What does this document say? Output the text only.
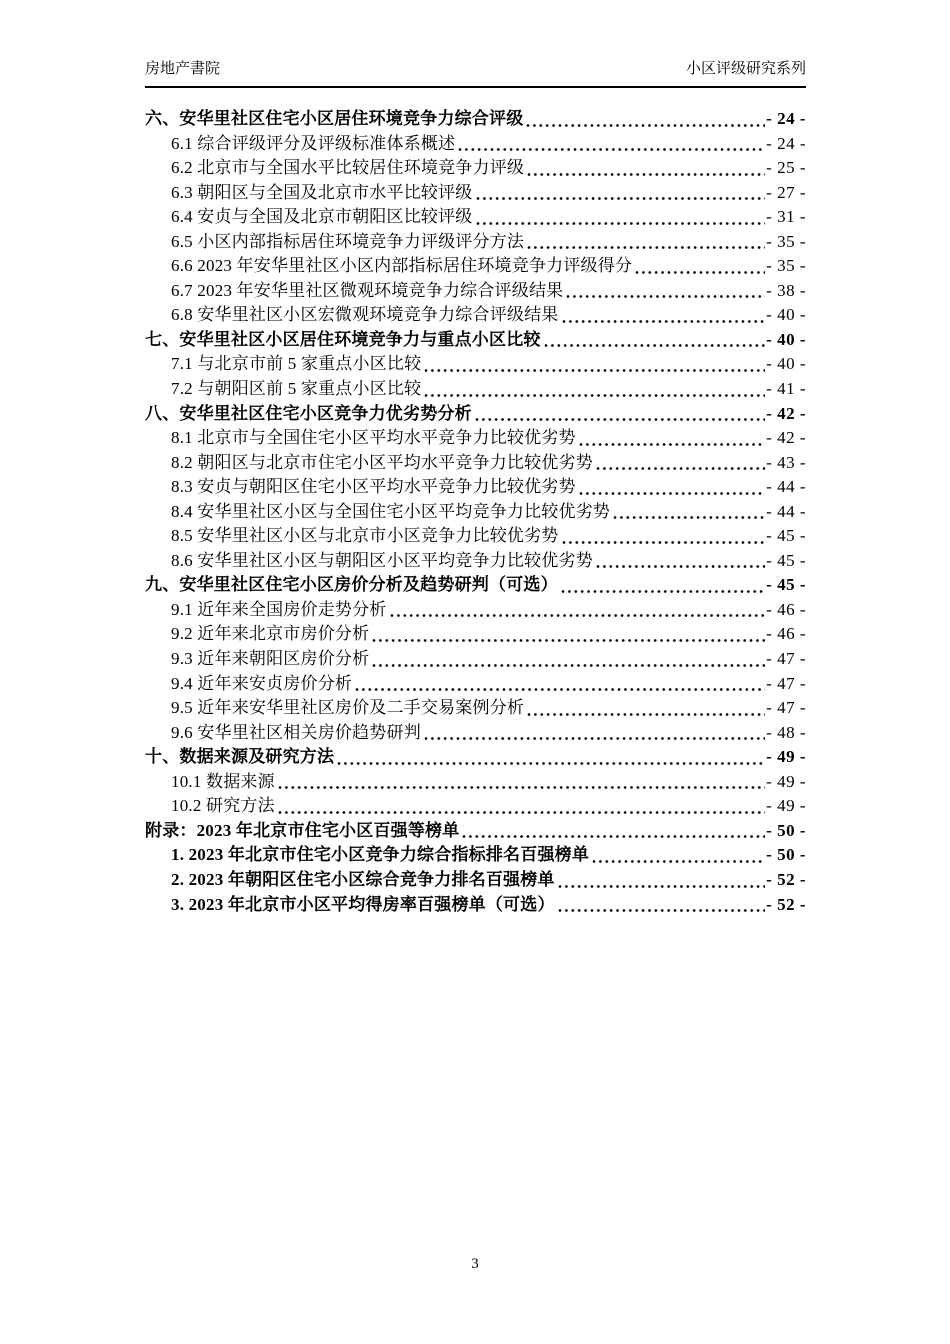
房地产書院	小区评级研究系列
六、安华里社区住宅小区居住环境竞争力综合评级	- 24 -
6.1 综合评级评分及评级标准体系概述	- 24 -
6.2 北京市与全国水平比较居住环境竞争力评级	- 25 -
6.3 朝阳区与全国及北京市水平比较评级	- 27 -
6.4 安贞与全国及北京市朝阳区比较评级	- 31 -
6.5 小区内部指标居住环境竞争力评级评分方法	- 35 -
6.6 2023 年安华里社区小区内部指标居住环境竞争力评级得分	- 35 -
6.7 2023 年安华里社区微观环境竞争力综合评级结果	- 38 -
6.8 安华里社区小区宏微观环境竞争力综合评级结果	- 40 -
七、安华里社区小区居住环境竞争力与重点小区比较	- 40 -
7.1 与北京市前 5 家重点小区比较	- 40 -
7.2 与朝阳区前 5 家重点小区比较	- 41 -
八、安华里社区住宅小区竞争力优劣势分析	- 42 -
8.1 北京市与全国住宅小区平均水平竞争力比较优劣势	- 42 -
8.2 朝阳区与北京市住宅小区平均水平竞争力比较优劣势	- 43 -
8.3 安贞与朝阳区住宅小区平均水平竞争力比较优劣势	- 44 -
8.4 安华里社区小区与全国住宅小区平均竞争力比较优劣势	- 44 -
8.5 安华里社区小区与北京市小区竞争力比较优劣势	- 45 -
8.6 安华里社区小区与朝阳区小区平均竞争力比较优劣势	- 45 -
九、安华里社区住宅小区房价分析及趋势研判（可选）	- 45 -
9.1 近年来全国房价走势分析	- 46 -
9.2 近年来北京市房价分析	- 46 -
9.3 近年来朝阳区房价分析	- 47 -
9.4 近年来安贞房价分析	- 47 -
9.5 近年来安华里社区房价及二手交易案例分析	- 47 -
9.6 安华里社区相关房价趋势研判	- 48 -
十、数据来源及研究方法	- 49 -
10.1 数据来源	- 49 -
10.2 研究方法	- 49 -
附录：2023 年北京市住宅小区百强等榜单	- 50 -
1. 2023 年北京市住宅小区竞争力综合指标排名百强榜单	- 50 -
2. 2023 年朝阳区住宅小区综合竞争力排名百强榜单	- 52 -
3. 2023 年北京市小区平均得房率百强榜单（可选）	- 52 -
3
